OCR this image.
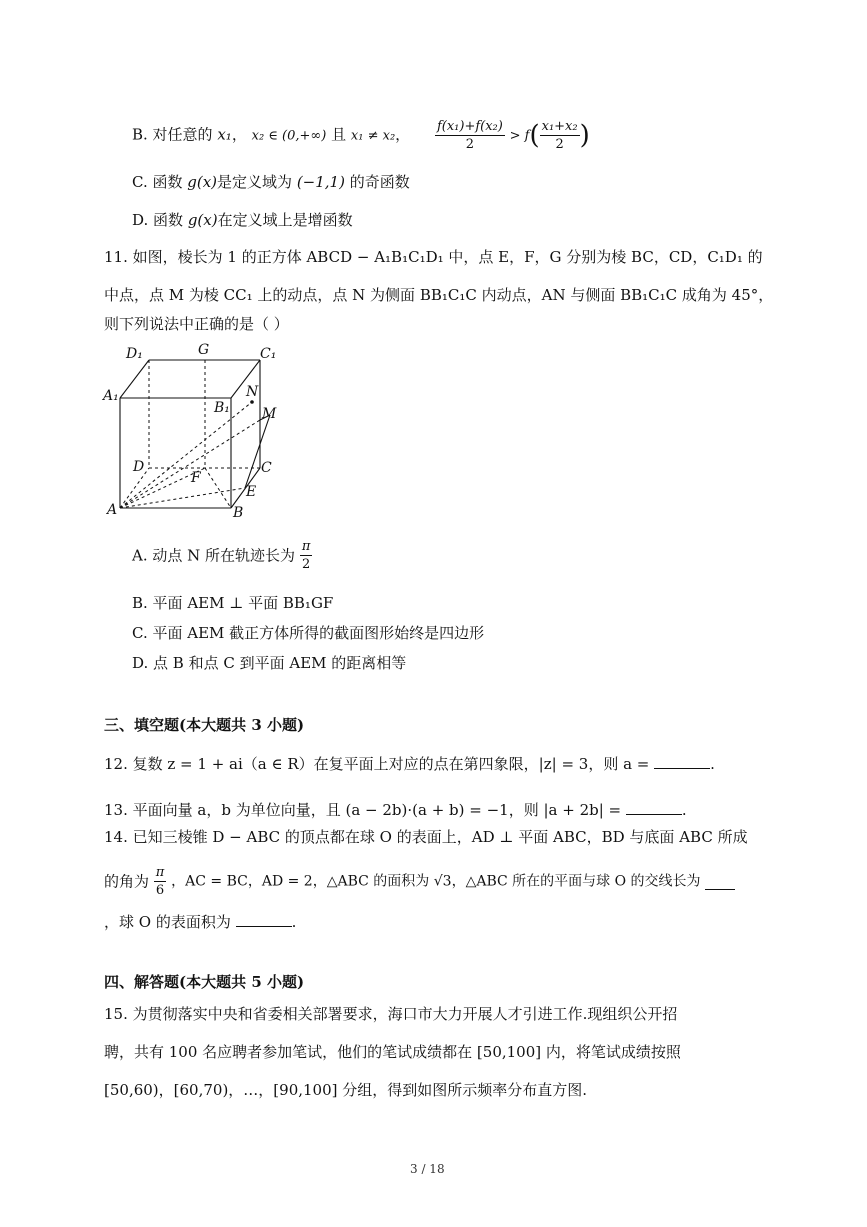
B. 对任意的 x₁， x₂ ∈ (0,+∞) 且 x₁ ≠ x₂， $\frac{\text{f(x₁)+f(x₂)}}{2} > f( \frac{\text{x₁+x₂}}{2}$ )
C. 函数 g(x)是定义域为 (−1,1) 的奇函数
D. 函数 g(x)在定义域上是增函数
11. 如图，棱长为 1 的正方体 ABCD − A₁B₁C₁D₁ 中，点 E，F，G 分别为棱 BC，CD，C₁D₁ 的
中点，点 M 为棱 CC₁ 上的动点，点 N 为侧面 BB₁C₁C 内动点，AN 与侧面 BB₁C₁C 成角为 45°，
则下列说法中正确的是（ ）
D₁	G	C₁
A₁
B₁
N
M
D	C
F
E
A	B
A. 动点 N 所在轨迹长为 $\frac{\pi}{2}$
B. 平面 AEM ⊥ 平面 BB₁GF
C. 平面 AEM 截正方体所得的截面图形始终是四边形
D. 点 B 和点 C 到平面 AEM 的距离相等
三、填空题(本大题共 3 小题)
12. 复数 z = 1 + ai（a ∈ R）在复平面上对应的点在第四象限，|z| = 3，则 a =	.
13. 平面向量 a，b 为单位向量，且 (a − 2b)·(a + b) = −1，则 |a + 2b| =	.
14. 已知三棱锥 D − ABC 的顶点都在球 O 的表面上，AD ⊥ 平面 ABC，BD 与底面 ABC 所成
的角为 $\frac{\pi}{6}$ ，AC = BC，AD = 2，△ABC 的面积为 √3，△ABC 所在的平面与球 O 的交线长为
，球 O 的表面积为	.
四、解答题(本大题共 5 小题)
15. 为贯彻落实中央和省委相关部署要求，海口市大力开展人才引进工作.现组织公开招
聘，共有 100 名应聘者参加笔试，他们的笔试成绩都在 [50,100] 内，将笔试成绩按照
[50,60)，[60,70)，…，[90,100] 分组，得到如图所示频率分布直方图.
3 / 18
